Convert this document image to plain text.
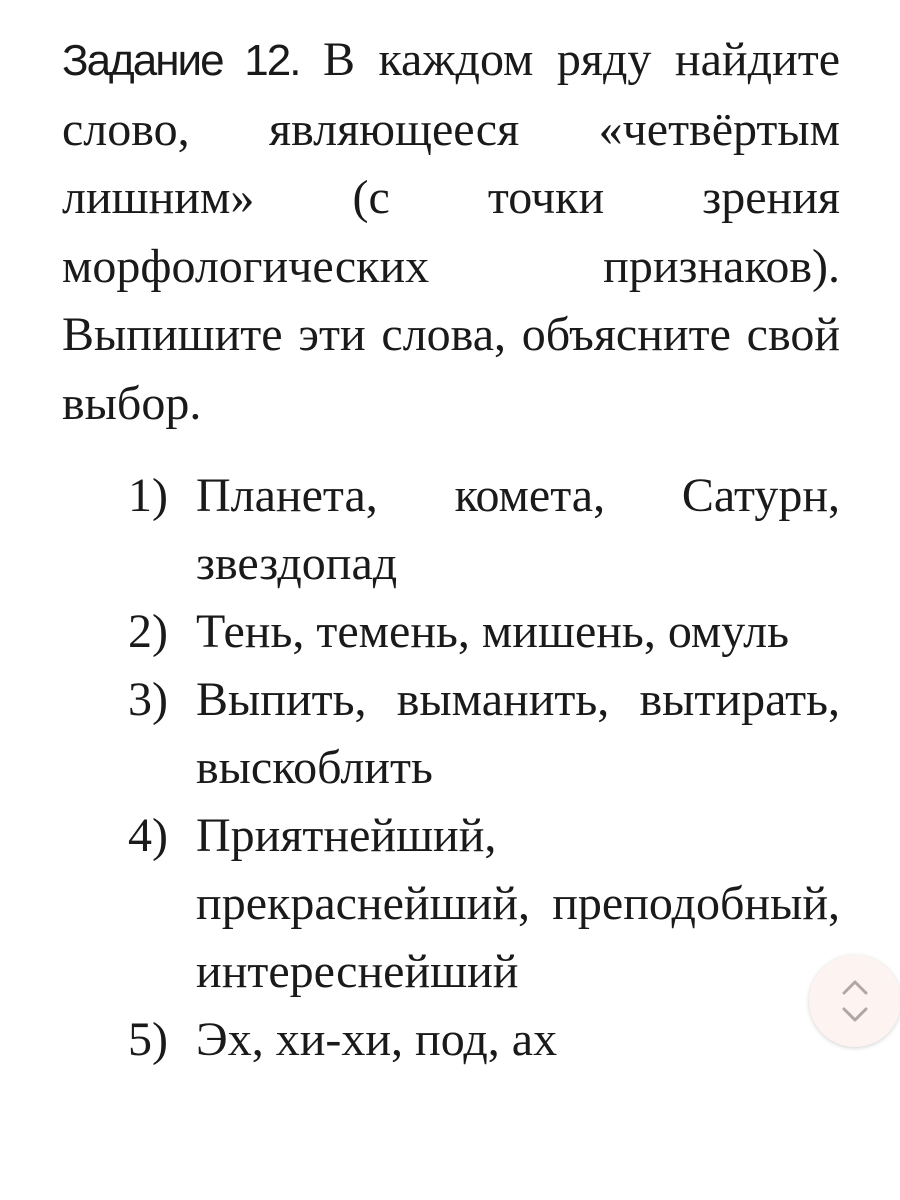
Задание 12. В каждом ряду найдите слово, являющееся «четвёртым лишним» (с точки зрения морфологических признаков). Выпишите эти слова, объясните свой выбор.

1) Планета, комета, Сатурн, звездопад
2) Тень, темень, мишень, омуль
3) Выпить, выманить, вытирать, выскоблить
4) Приятнейший, прекраснейший, преподобный, интереснейший
5) Эх, хи-хи, под, ах
